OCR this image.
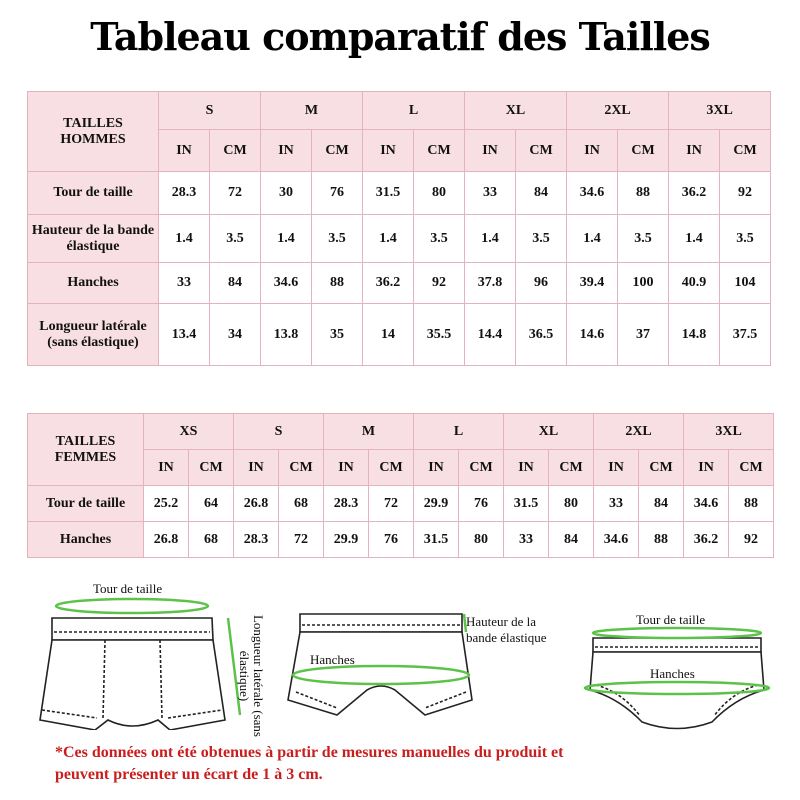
Tableau comparatif des Tailles
TAILLES HOMMES	S		M		L		XL		2XL		3XL	
	IN	CM	IN	CM	IN	CM	IN	CM	IN	CM	IN	CM
Tour de taille	28.3	72	30	76	31.5	80	33	84	34.6	88	36.2	92
Hauteur de la bande élastique	1.4	3.5	1.4	3.5	1.4	3.5	1.4	3.5	1.4	3.5	1.4	3.5
Hanches	33	84	34.6	88	36.2	92	37.8	96	39.4	100	40.9	104
Longueur latérale (sans élastique)	13.4	34	13.8	35	14	35.5	14.4	36.5	14.6	37	14.8	37.5
TAILLES FEMMES	XS		S		M		L		XL		2XL		3XL	
	IN	CM	IN	CM	IN	CM	IN	CM	IN	CM	IN	CM	IN	CM
Tour de taille	25.2	64	26.8	68	28.3	72	29.9	76	31.5	80	33	84	34.6	88
Hanches	26.8	68	28.3	72	29.9	76	31.5	80	33	84	34.6	88	36.2	92
Tour de taille
Longueur latérale (sans élastique)	Hanches
Hauteur de la bande élastique
Tour de taille
Hanches
*Ces données ont été obtenues à partir de mesures manuelles du produit et peuvent présenter un écart de 1 à 3 cm.
